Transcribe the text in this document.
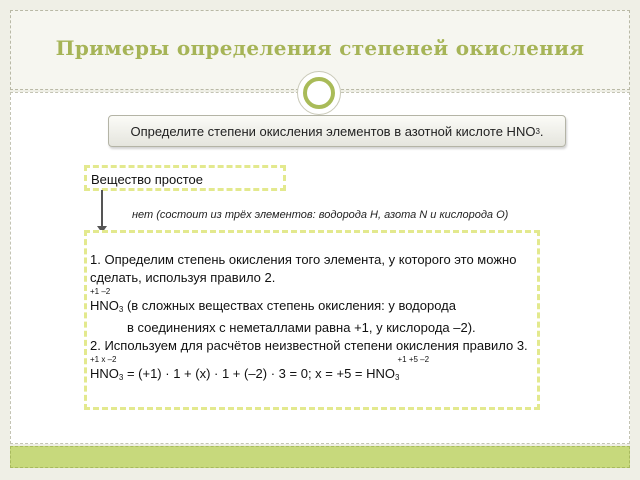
Примеры определения степеней окисления
Определите степени окисления элементов в азотной кислоте HNO 3 .
Вещество простое
нет (состоит из трёх элементов: водорода H, азота N и кислорода O)
1. Определим степень окисления того элемента, у которого это можно
сделать, используя правило 2.
+1 –2
$HNO_3$ (в сложных веществах степень окисления: у водорода
в соединениях с неметаллами равна +1, у кислорода –2).
2. Используем для расчётов неизвестной степени окисления правило 3.
+1 x –2	+1 +5 –2
$HNO_3 = (+1) \cdot 1 + (x) \cdot 1 + (-2) \cdot 3 = 0$; $x = +5 = HNO_3$
